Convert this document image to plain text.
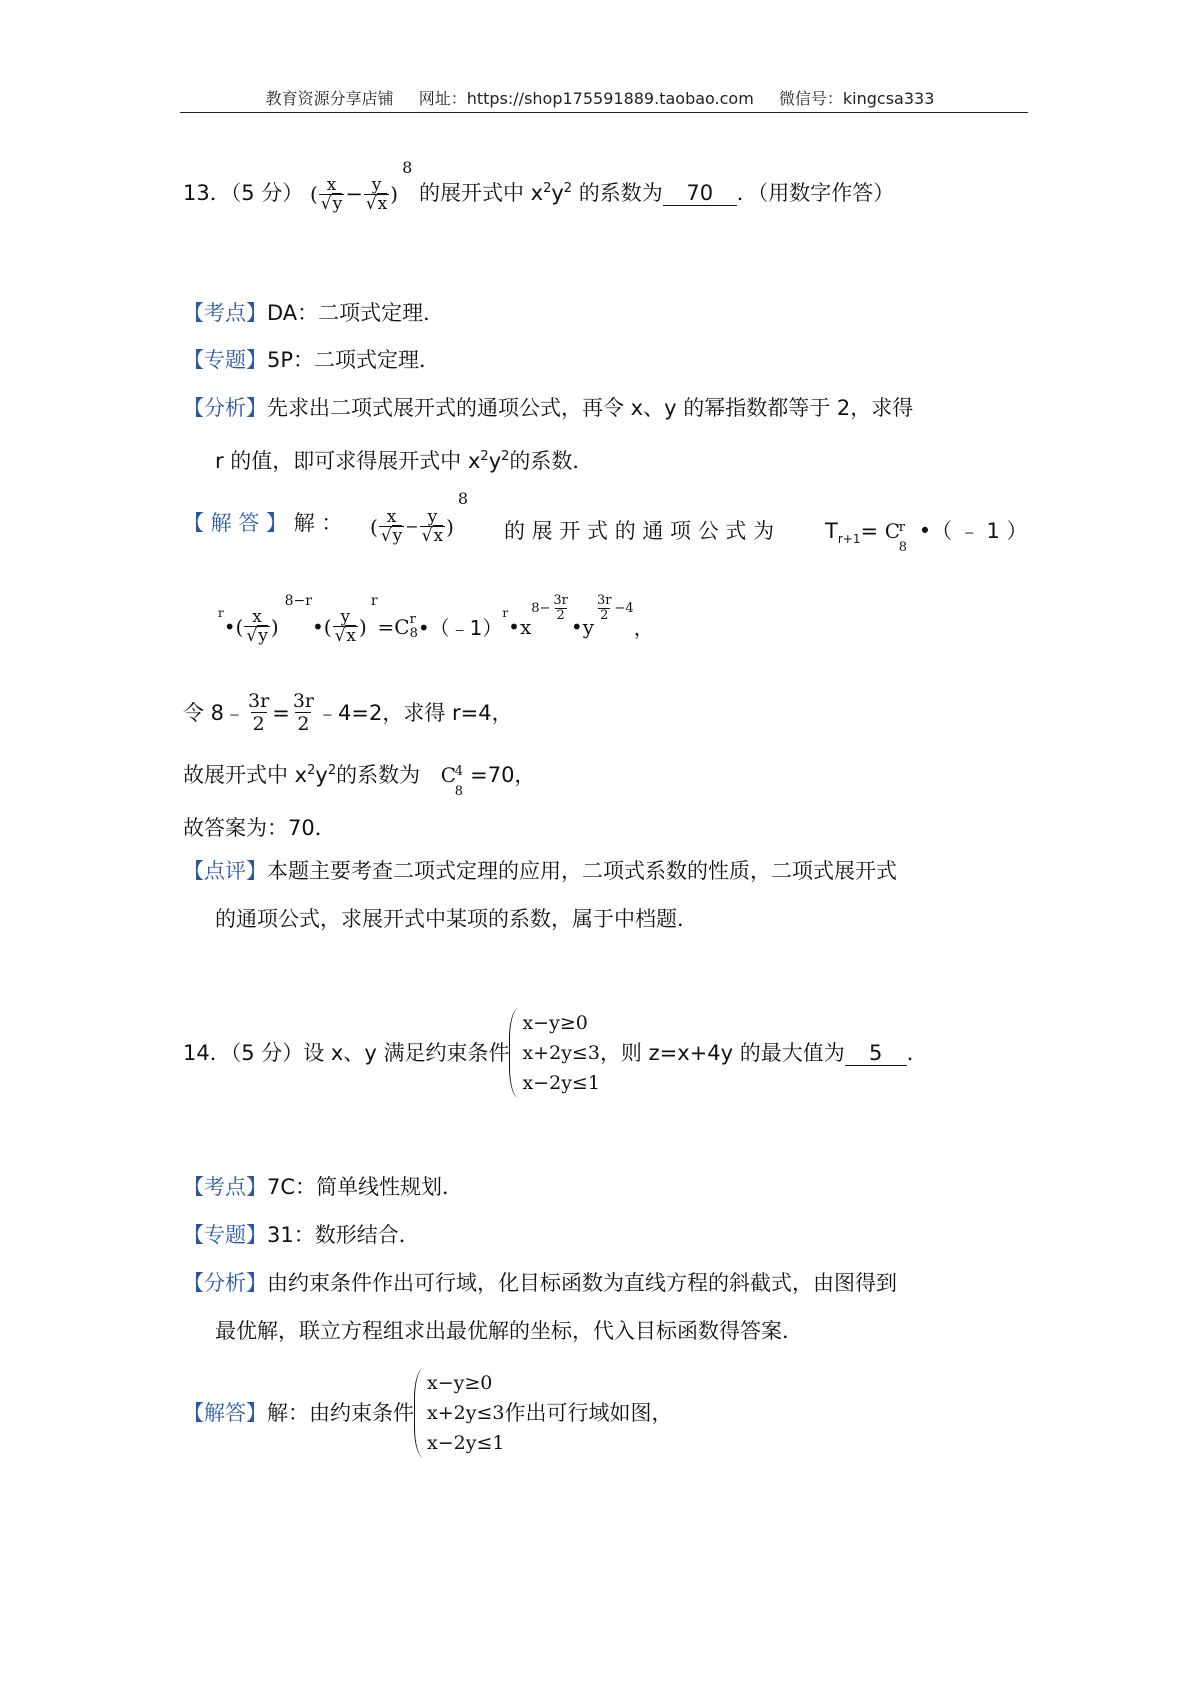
教育资源分享店铺 网址：https://shop175591889.taobao.com 微信号：kingcsa333
13．（5 分） ( $\frac{x}{√y} - \frac{y}{√x}$ )
8
的展开式中 $x^2y^2$ 的系数为 70 ．（用数字作答）
【考点】DA：二项式定理．
【专题】5P：二项式定理．
【分析】先求出二项式展开式的通项公式，再令 x、y 的幂指数都等于 2，求得
r 的值，即可求得展开式中 $x^2y^2$的系数．
【 解 答 】 解 ：	( $\frac{x}{√y} - \frac{y}{√x}$ )
8
的 展 开 式 的 通 项 公 式 为 $T_{r+1}= C$
r
8
•（ ﹣ 1 ）
r
• ( $\frac{x}{√y}$ )
8−r
• ( $\frac{y}{√x}$ )
r
=C r
8 •（﹣1）
r
• x
$8- \frac{3r}{2}$
• y
$\frac{3r}{2} -4$
，
令 8﹣ $\frac{3r}{2} = \frac{3r}{2}$ ﹣4=2，求得 r=4，
故展开式中 $x^2y^2$的系数为 C
4
8
=70，
故答案为：70．
【点评】本题主要考查二项式定理的应用，二项式系数的性质，二项式展开式
的通项公式，求展开式中某项的系数，属于中档题．
14．（5 分）设 x、y 满足约束条件
x−y≥0
x+2y≤3
x−2y≤1
，则 z=x+4y 的最大值为	5	．
【考点】7C：简单线性规划．
【专题】31：数形结合．
【分析】由约束条件作出可行域，化目标函数为直线方程的斜截式，由图得到
最优解，联立方程组求出最优解的坐标，代入目标函数得答案．
【解答】 解：由约束条件
x−y≥0
x+2y≤3
x−2y≤1
作出可行域如图，
